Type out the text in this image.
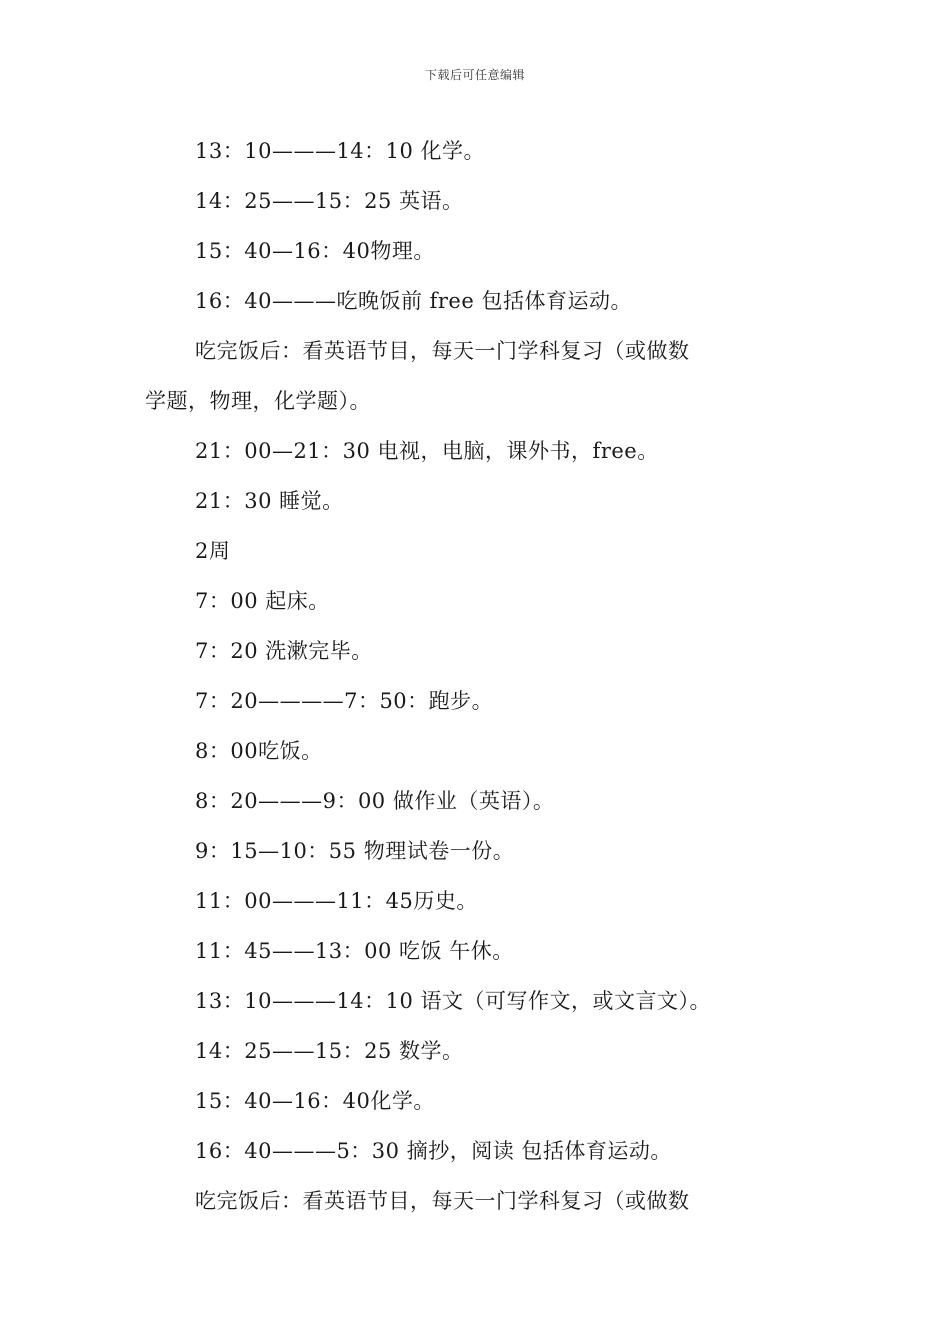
下载后可任意编辑
13：10———14：10 化学。
14：25——15：25 英语。
15：40—16：40物理。
16：40———吃晚饭前 free 包括体育运动。
吃完饭后：看英语节目，每天一门学科复习（或做数
学题，物理，化学题）。
21：00—21：30 电视，电脑，课外书，free。
21：30 睡觉。
2周
7：00 起床。
7：20 洗漱完毕。
7：20————7：50：跑步。
8：00吃饭。
8：20———9：00 做作业（英语）。
9：15—10：55 物理试卷一份。
11：00———11：45历史。
11：45——13：00 吃饭 午休。
13：10———14：10 语文（可写作文，或文言文）。
14：25——15：25 数学。
15：40—16：40化学。
16：40———5：30 摘抄，阅读 包括体育运动。
吃完饭后：看英语节目，每天一门学科复习（或做数
